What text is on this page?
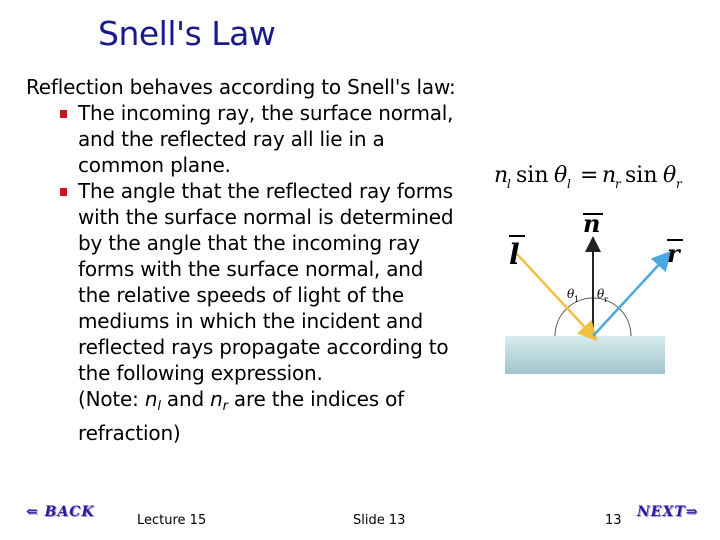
Snell's Law
Reflection behaves according to Snell's law:
The incoming ray, the surface normal,
and the reflected ray all lie in a
common plane.
The angle that the reflected ray forms
with the surface normal is determined
by the angle that the incoming ray
forms with the surface normal, and
the relative speeds of light of the
mediums in which the incident and
reflected rays propagate according to
the following expression.
(Note: $n_l$ and $n_r$ are the indices of
refraction)
n
l sin θ l = n
r sin θ r
n
l	r
θ 1 θ r
⇐ BACK	NEXT⇒
Lecture 15	Slide 13	13
